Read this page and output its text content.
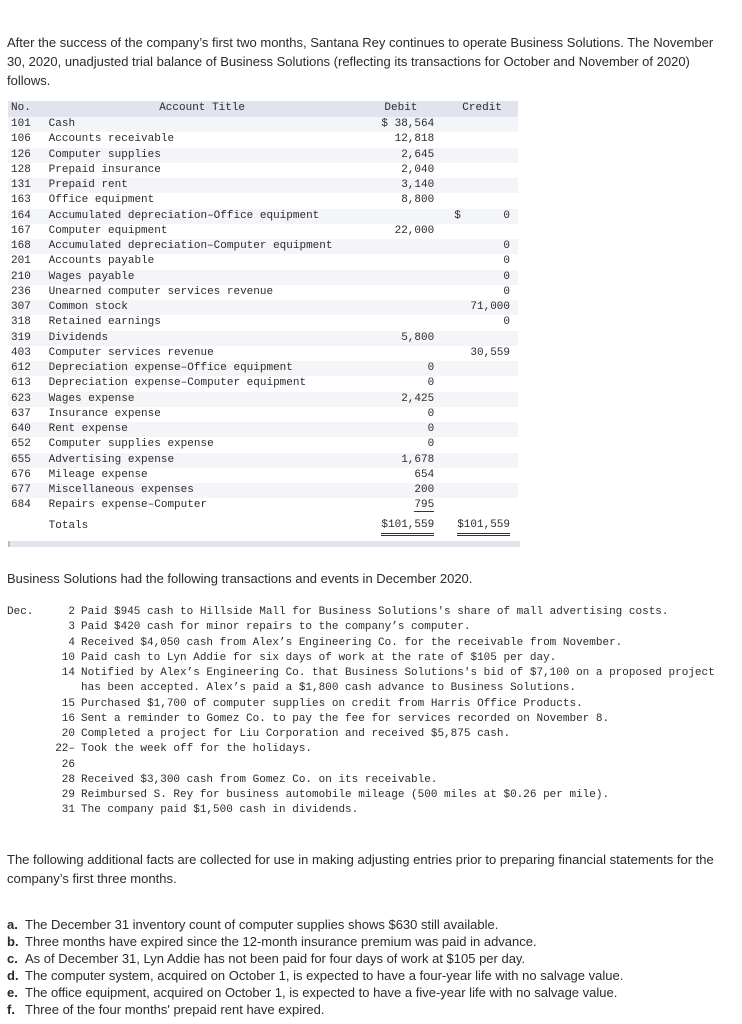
After the success of the company’s first two months, Santana Rey continues to operate Business Solutions. The November 30, 2020, unadjusted trial balance of Business Solutions (reflecting its transactions for October and November of 2020) follows.
No.	Account Title	Debit	Credit
101	Cash	$ 38,564	
106	Accounts receivable	12,818	
126	Computer supplies	2,645	
128	Prepaid insurance	2,040	
131	Prepaid rent	3,140	
163	Office equipment	8,800	
164	Accumulated depreciation–Office equipment		$ 0
167	Computer equipment	22,000	
168	Accumulated depreciation–Computer equipment		0
201	Accounts payable		0
210	Wages payable		0
236	Unearned computer services revenue		0
307	Common stock		71,000
318	Retained earnings		0
319	Dividends	5,800	
403	Computer services revenue		30,559
612	Depreciation expense–Office equipment	0	
613	Depreciation expense–Computer equipment	0	
623	Wages expense	2,425	
637	Insurance expense	0	
640	Rent expense	0	
652	Computer supplies expense	0	
655	Advertising expense	1,678	
676	Mileage expense	654	
677	Miscellaneous expenses	200	
684	Repairs expense–Computer	795	
	Totals	$101,559	$101,559
Business Solutions had the following transactions and events in December 2020.
Dec.	2 Paid $945 cash to Hillside Mall for Business Solutions's share of mall advertising costs.
3 Paid $420 cash for minor repairs to the company’s computer.
4 Received $4,050 cash from Alex’s Engineering Co. for the receivable from November.
10 Paid cash to Lyn Addie for six days of work at the rate of $105 per day.
14 Notified by Alex’s Engineering Co. that Business Solutions's bid of $7,100 on a proposed project has been accepted. Alex’s paid a $1,800 cash advance to Business Solutions.
15 Purchased $1,700 of computer supplies on credit from Harris Office Products.
16 Sent a reminder to Gomez Co. to pay the fee for services recorded on November 8.
20 Completed a project for Liu Corporation and received $5,875 cash.
22– Took the week off for the holidays.
26
28 Received $3,300 cash from Gomez Co. on its receivable.
29 Reimbursed S. Rey for business automobile mileage (500 miles at $0.26 per mile).
31 The company paid $1,500 cash in dividends.
The following additional facts are collected for use in making adjusting entries prior to preparing financial statements for the company’s first three months.
a. The December 31 inventory count of computer supplies shows $630 still available.
b. Three months have expired since the 12-month insurance premium was paid in advance.
c. As of December 31, Lyn Addie has not been paid for four days of work at $105 per day.
d. The computer system, acquired on October 1, is expected to have a four-year life with no salvage value.
e. The office equipment, acquired on October 1, is expected to have a five-year life with no salvage value.
f. Three of the four months' prepaid rent have expired.
